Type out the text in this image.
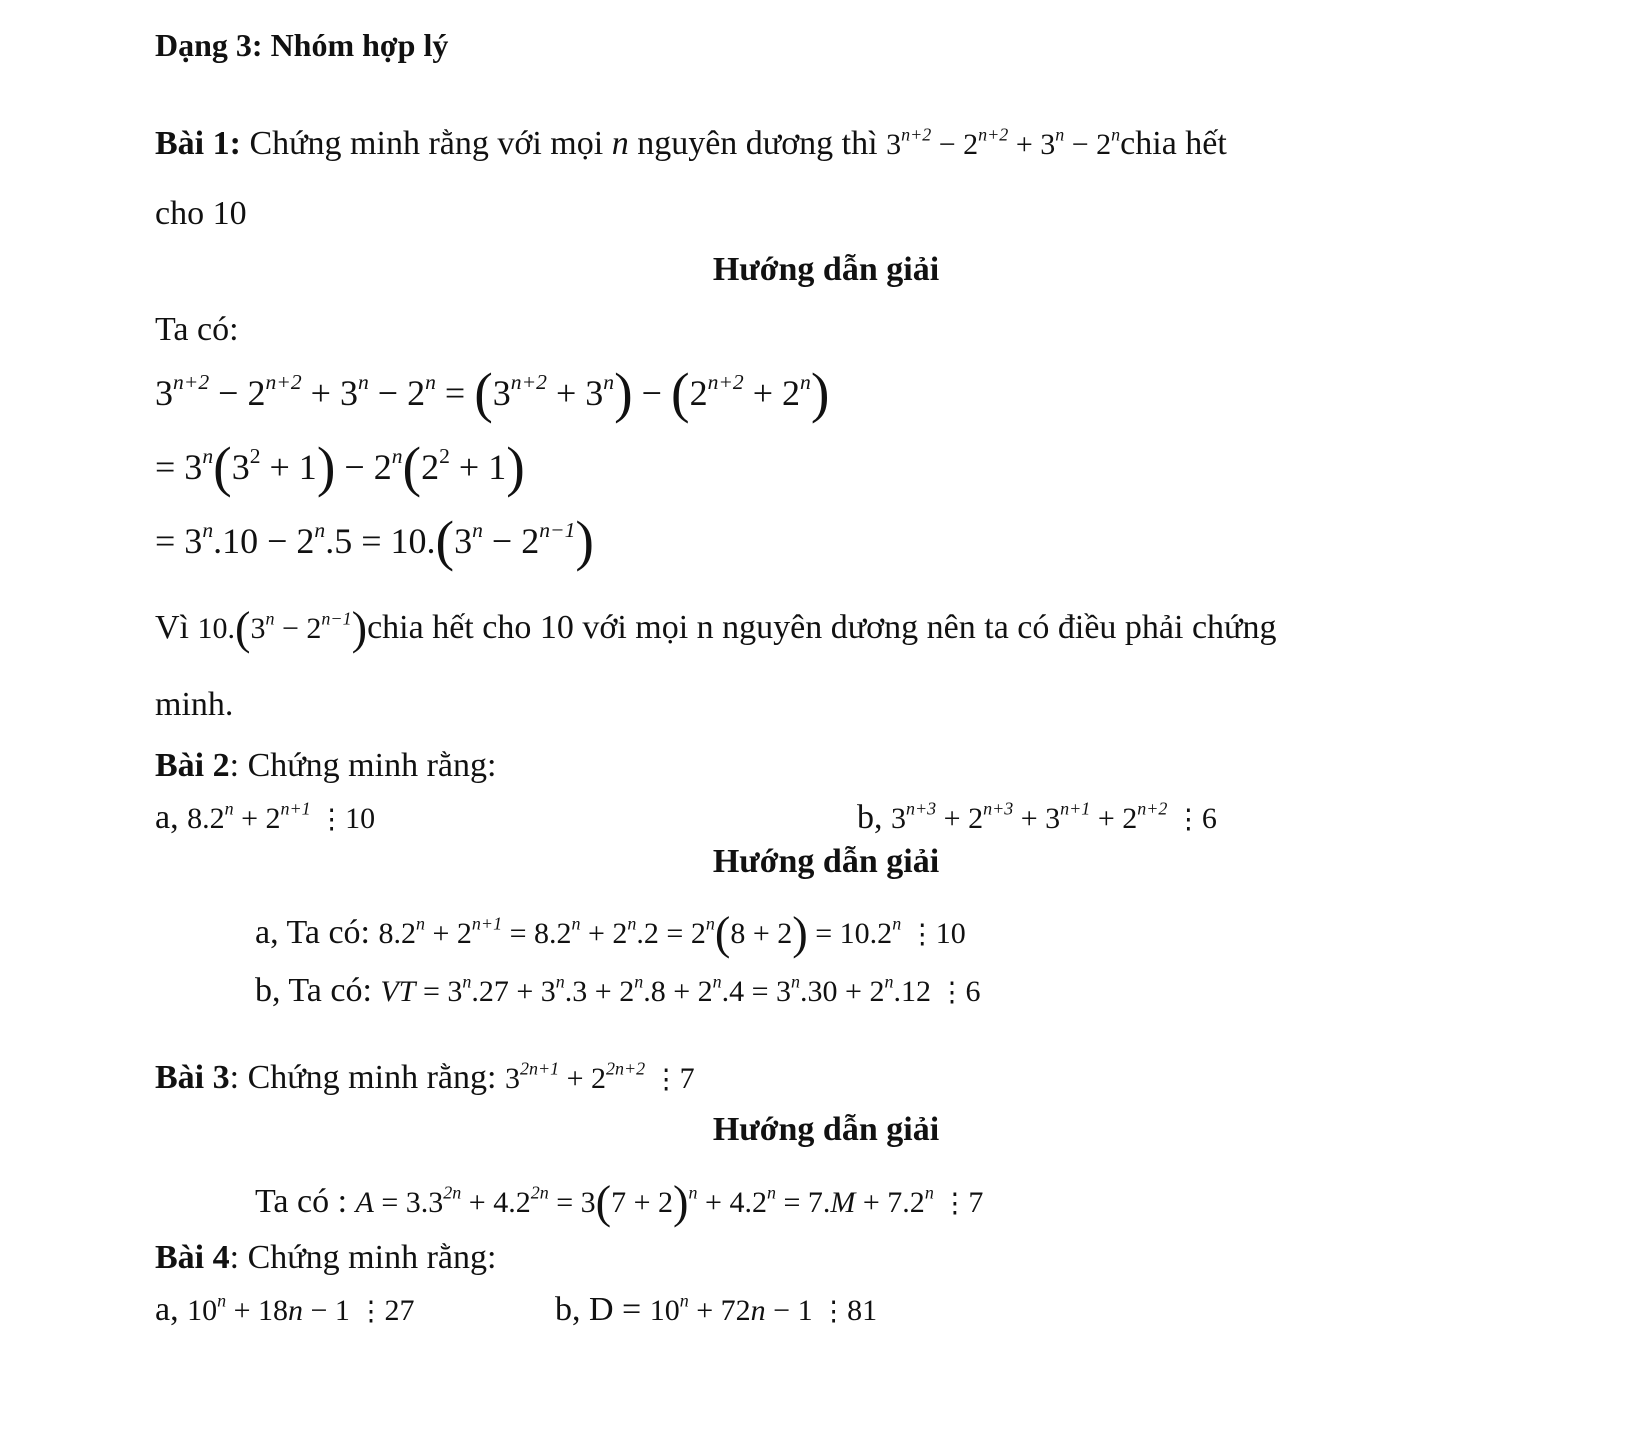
Dạng 3: Nhóm hợp lý
Bài 1: Chứng minh rằng với mọi n nguyên dương thì $3^{n+2} - 2^{n+2} + 3^n$ − $2^nchia$ hết
cho 10
Hướng dẫn giải
Ta có:
$3^{n+2} - 2^{n+2} + 3^n - 2^n = (3^{n+2} + 3^n) - (2^{n+2} + 2^n)$
= $3^n(3^2 + 1) - 2^n(2^2 + 1)$
= $3^n.10 - 2^n.5 = 10.(3^n - 2^{n-1})$
Vì $10.(3^n$ − $2^{n-1})chia$ hết cho 10 với mọi n nguyên dương nên ta có điều phải chứng
minh.
Bài 2: Chứng minh rằng:
a, $8.2^n + 2^{n+1}$ ⋮10	b, $3^{n+3} + 2^{n+3} + 3^{n+1} + 2^{n+2}$ ⋮6
Hướng dẫn giải
a, Ta có: $8.2^n + 2^{n+1} = 8.2^n + 2^n.2 = 2^n(8 + 2) = 10.2^n$ ⋮10
b, Ta có: VT = $3^n.27 + 3^n.3 + 2^n.8 + 2^n.4 = 3^n.30 + 2^n.12$ ⋮6
Bài 3: Chứng minh rằng: $3^{2n+1} + 2^{2n+2}$ ⋮7
Hướng dẫn giải
Ta có : $A = 3.3^{2n} + 4.2^{2n} = 3(7 + 2)^n + 4.2^n = 7.M + 7.2^n$ ⋮7
Bài 4: Chứng minh rằng:
a, $10^n + 18n - 1$ ⋮27	b, $D = 10^n + 72n - 1$ ⋮81
